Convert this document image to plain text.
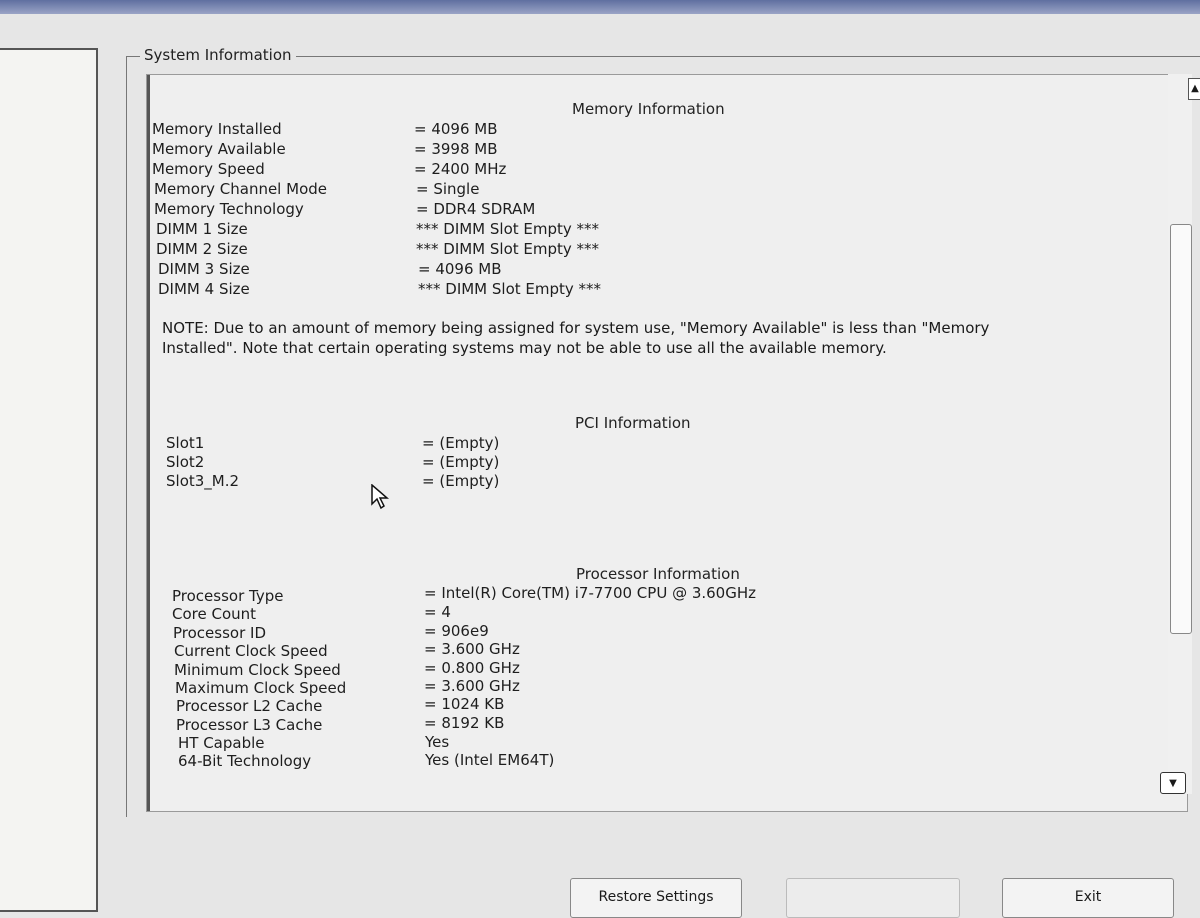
System Information
▲
▼
Memory Information
Memory Installed	= 4096 MB
Memory Available	= 3998 MB
Memory Speed	= 2400 MHz
Memory Channel Mode	= Single
Memory Technology	= DDR4 SDRAM
DIMM 1 Size	*** DIMM Slot Empty ***
DIMM 2 Size	*** DIMM Slot Empty ***
DIMM 3 Size	= 4096 MB
DIMM 4 Size	*** DIMM Slot Empty ***
NOTE: Due to an amount of memory being assigned for system use, "Memory Available" is less than "Memory Installed". Note that certain operating systems may not be able to use all the available memory.
PCI Information
Slot1	= (Empty)
Slot2	= (Empty)
Slot3_M.2	= (Empty)
Processor Information
Processor Type	= Intel(R) Core(TM) i7-7700 CPU @ 3.60GHz
Core Count	= 4
Processor ID	= 906e9
Current Clock Speed	= 3.600 GHz
Minimum Clock Speed	= 0.800 GHz
Maximum Clock Speed	= 3.600 GHz
Processor L2 Cache	= 1024 KB
Processor L3 Cache	= 8192 KB
HT Capable	Yes
64-Bit Technology	Yes (Intel EM64T)
Restore Settings	Exit
